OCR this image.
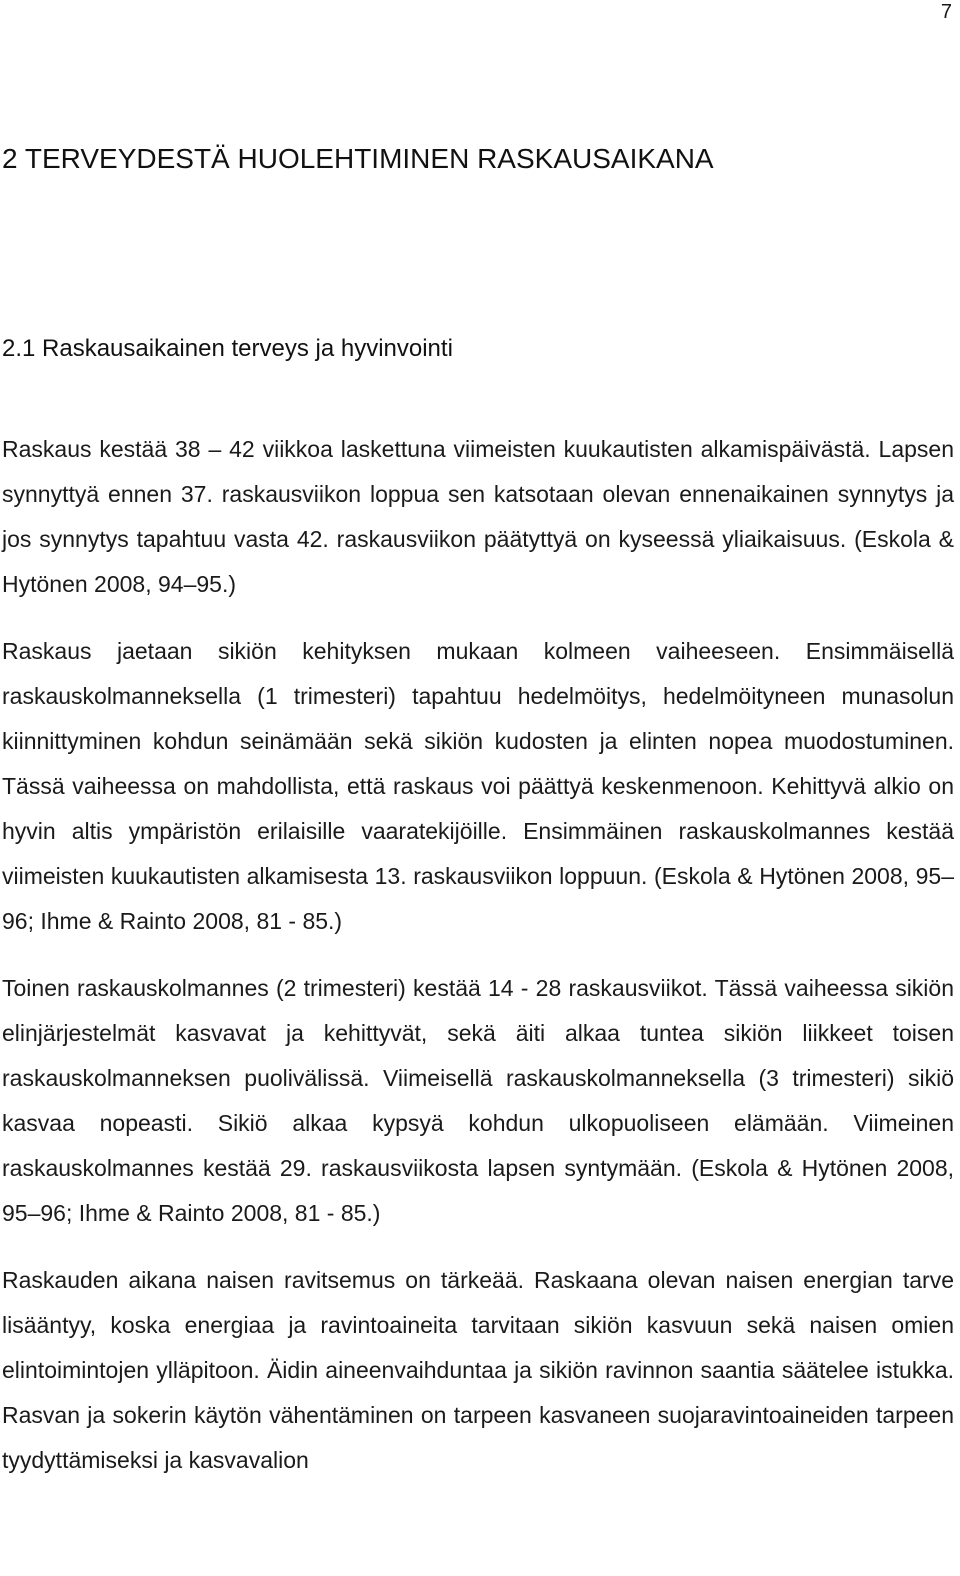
7
2 TERVEYDESTÄ HUOLEHTIMINEN RASKAUSAIKANA
2.1 Raskausaikainen terveys ja hyvinvointi

Raskaus kestää 38 – 42 viikkoa laskettuna viimeisten kuukautisten alkamispäivästä. Lapsen synnyttyä ennen 37. raskausviikon loppua sen katsotaan olevan ennenaikainen synnytys ja jos synnytys tapahtuu vasta 42. raskausviikon päätyttyä on kyseessä yliaikaisuus. (Eskola & Hytönen 2008, 94–95.)

Raskaus jaetaan sikiön kehityksen mukaan kolmeen vaiheeseen. Ensimmäisellä raskauskolmanneksella (1 trimesteri) tapahtuu hedelmöitys, hedelmöityneen munasolun kiinnittyminen kohdun seinämään sekä sikiön kudosten ja elinten nopea muodostuminen. Tässä vaiheessa on mahdollista, että raskaus voi päättyä keskenmenoon. Kehittyvä alkio on hyvin altis ympäristön erilaisille vaaratekijöille. Ensimmäinen raskauskolmannes kestää viimeisten kuukautisten alkamisesta 13. raskausviikon loppuun. (Eskola & Hytönen 2008, 95–96; Ihme & Rainto 2008, 81 - 85.)

Toinen raskauskolmannes (2 trimesteri) kestää 14 - 28 raskausviikot. Tässä vaiheessa sikiön elinjärjestelmät kasvavat ja kehittyvät, sekä äiti alkaa tuntea sikiön liikkeet toisen raskauskolmanneksen puolivälissä. Viimeisellä raskauskolmanneksella (3 trimesteri) sikiö kasvaa nopeasti. Sikiö alkaa kypsyä kohdun ulkopuoliseen elämään. Viimeinen raskauskolmannes kestää 29. raskausviikosta lapsen syntymään. (Eskola & Hytönen 2008, 95–96; Ihme & Rainto 2008, 81 - 85.)

Raskauden aikana naisen ravitsemus on tärkeää. Raskaana olevan naisen energian tarve lisääntyy, koska energiaa ja ravintoaineita tarvitaan sikiön kasvuun sekä naisen omien elintoimintojen ylläpitoon. Äidin aineenvaihduntaa ja sikiön ravinnon saantia säätelee istukka. Rasvan ja sokerin käytön vähentäminen on tarpeen kasvaneen suojaravintoaineiden tarpeen tyydyttämiseksi ja kasvavalion
